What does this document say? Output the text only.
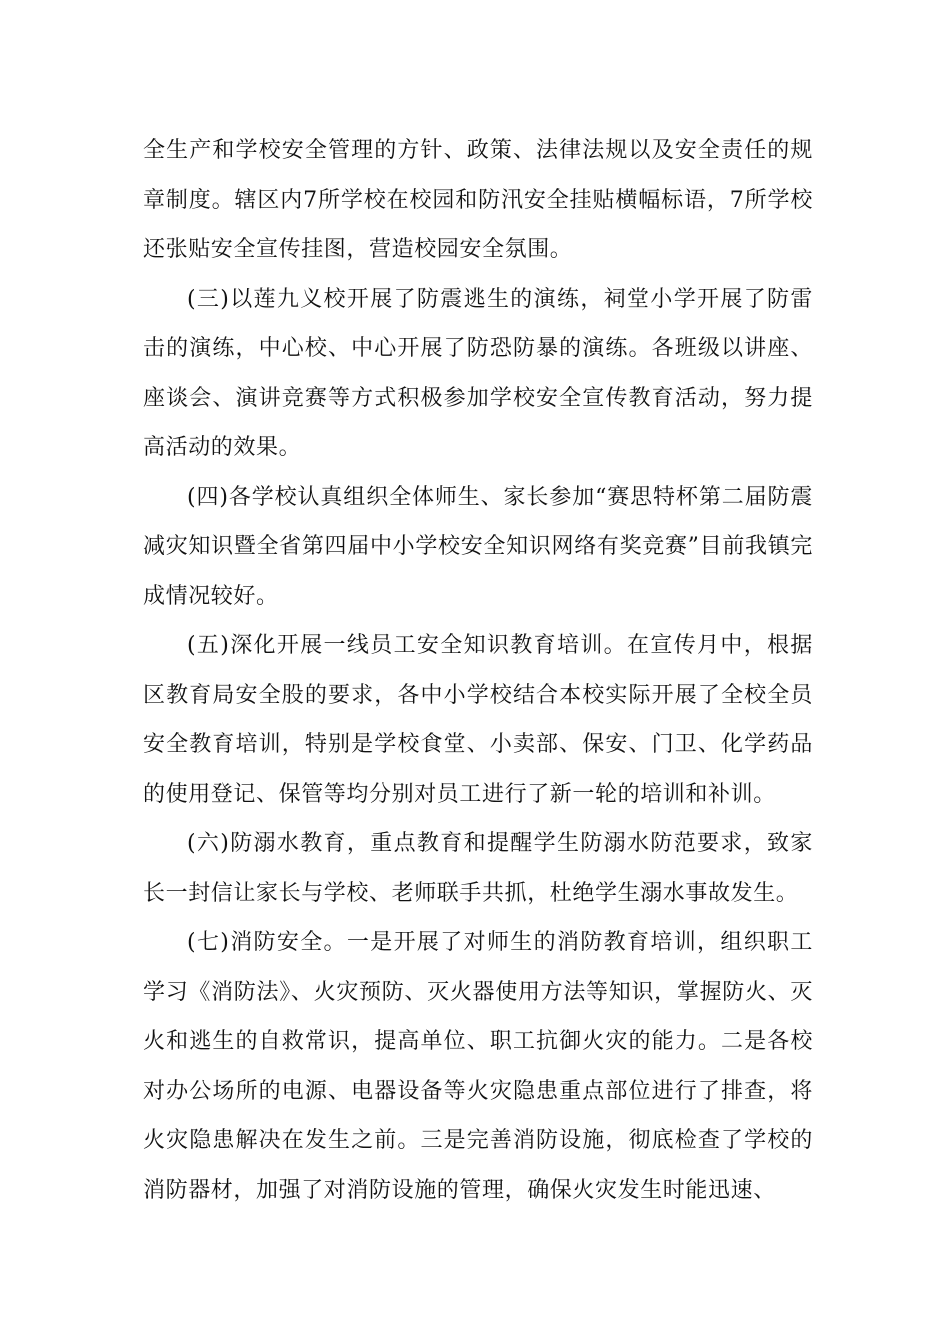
全生产和学校安全管理的方针、政策、法律法规以及安全责任的规章制度。辖区内7所学校在校园和防汛安全挂贴横幅标语，7所学校还张贴安全宣传挂图，营造校园安全氛围。

(三)以莲九义校开展了防震逃生的演练，祠堂小学开展了防雷击的演练，中心校、中心开展了防恐防暴的演练。各班级以讲座、座谈会、演讲竞赛等方式积极参加学校安全宣传教育活动，努力提高活动的效果。

(四)各学校认真组织全体师生、家长参加“赛思特杯第二届防震减灾知识暨全省第四届中小学校安全知识网络有奖竞赛”目前我镇完成情况较好。

(五)深化开展一线员工安全知识教育培训。在宣传月中，根据区教育局安全股的要求，各中小学校结合本校实际开展了全校全员安全教育培训，特别是学校食堂、小卖部、保安、门卫、化学药品的使用登记、保管等均分别对员工进行了新一轮的培训和补训。

(六)防溺水教育，重点教育和提醒学生防溺水防范要求，致家长一封信让家长与学校、老师联手共抓，杜绝学生溺水事故发生。

(七)消防安全。一是开展了对师生的消防教育培训，组织职工学习《消防法》、火灾预防、灭火器使用方法等知识，掌握防火、灭火和逃生的自救常识，提高单位、职工抗御火灾的能力。二是各校对办公场所的电源、电器设备等火灾隐患重点部位进行了排查，将火灾隐患解决在发生之前。三是完善消防设施，彻底检查了学校的消防器材，加强了对消防设施的管理，确保火灾发生时能迅速、
